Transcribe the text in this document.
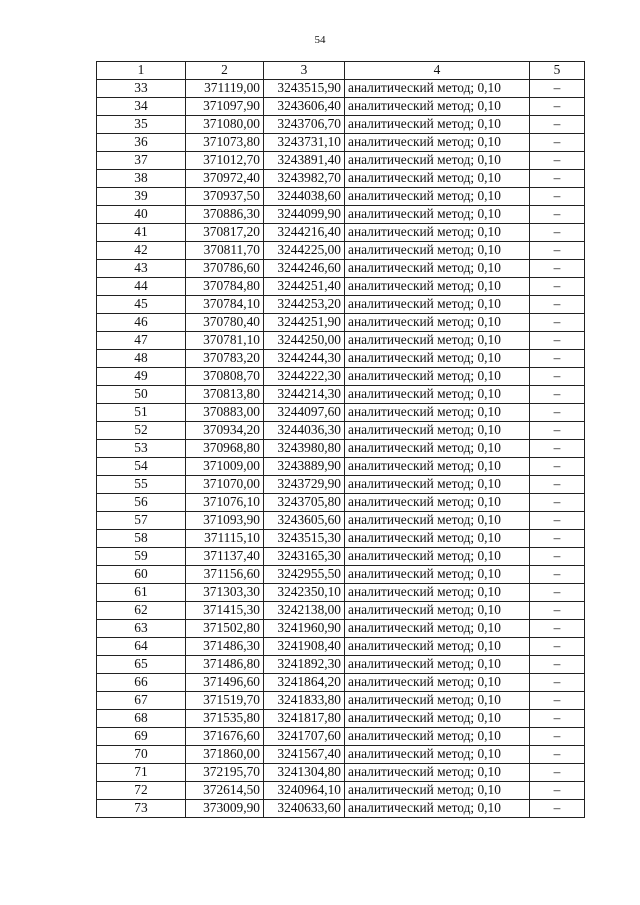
54
1	2	3	4	5
33	371119,00	3243515,90	аналитический метод; 0,10	–
34	371097,90	3243606,40	аналитический метод; 0,10	–
35	371080,00	3243706,70	аналитический метод; 0,10	–
36	371073,80	3243731,10	аналитический метод; 0,10	–
37	371012,70	3243891,40	аналитический метод; 0,10	–
38	370972,40	3243982,70	аналитический метод; 0,10	–
39	370937,50	3244038,60	аналитический метод; 0,10	–
40	370886,30	3244099,90	аналитический метод; 0,10	–
41	370817,20	3244216,40	аналитический метод; 0,10	–
42	370811,70	3244225,00	аналитический метод; 0,10	–
43	370786,60	3244246,60	аналитический метод; 0,10	–
44	370784,80	3244251,40	аналитический метод; 0,10	–
45	370784,10	3244253,20	аналитический метод; 0,10	–
46	370780,40	3244251,90	аналитический метод; 0,10	–
47	370781,10	3244250,00	аналитический метод; 0,10	–
48	370783,20	3244244,30	аналитический метод; 0,10	–
49	370808,70	3244222,30	аналитический метод; 0,10	–
50	370813,80	3244214,30	аналитический метод; 0,10	–
51	370883,00	3244097,60	аналитический метод; 0,10	–
52	370934,20	3244036,30	аналитический метод; 0,10	–
53	370968,80	3243980,80	аналитический метод; 0,10	–
54	371009,00	3243889,90	аналитический метод; 0,10	–
55	371070,00	3243729,90	аналитический метод; 0,10	–
56	371076,10	3243705,80	аналитический метод; 0,10	–
57	371093,90	3243605,60	аналитический метод; 0,10	–
58	371115,10	3243515,30	аналитический метод; 0,10	–
59	371137,40	3243165,30	аналитический метод; 0,10	–
60	371156,60	3242955,50	аналитический метод; 0,10	–
61	371303,30	3242350,10	аналитический метод; 0,10	–
62	371415,30	3242138,00	аналитический метод; 0,10	–
63	371502,80	3241960,90	аналитический метод; 0,10	–
64	371486,30	3241908,40	аналитический метод; 0,10	–
65	371486,80	3241892,30	аналитический метод; 0,10	–
66	371496,60	3241864,20	аналитический метод; 0,10	–
67	371519,70	3241833,80	аналитический метод; 0,10	–
68	371535,80	3241817,80	аналитический метод; 0,10	–
69	371676,60	3241707,60	аналитический метод; 0,10	–
70	371860,00	3241567,40	аналитический метод; 0,10	–
71	372195,70	3241304,80	аналитический метод; 0,10	–
72	372614,50	3240964,10	аналитический метод; 0,10	–
73	373009,90	3240633,60	аналитический метод; 0,10	–
